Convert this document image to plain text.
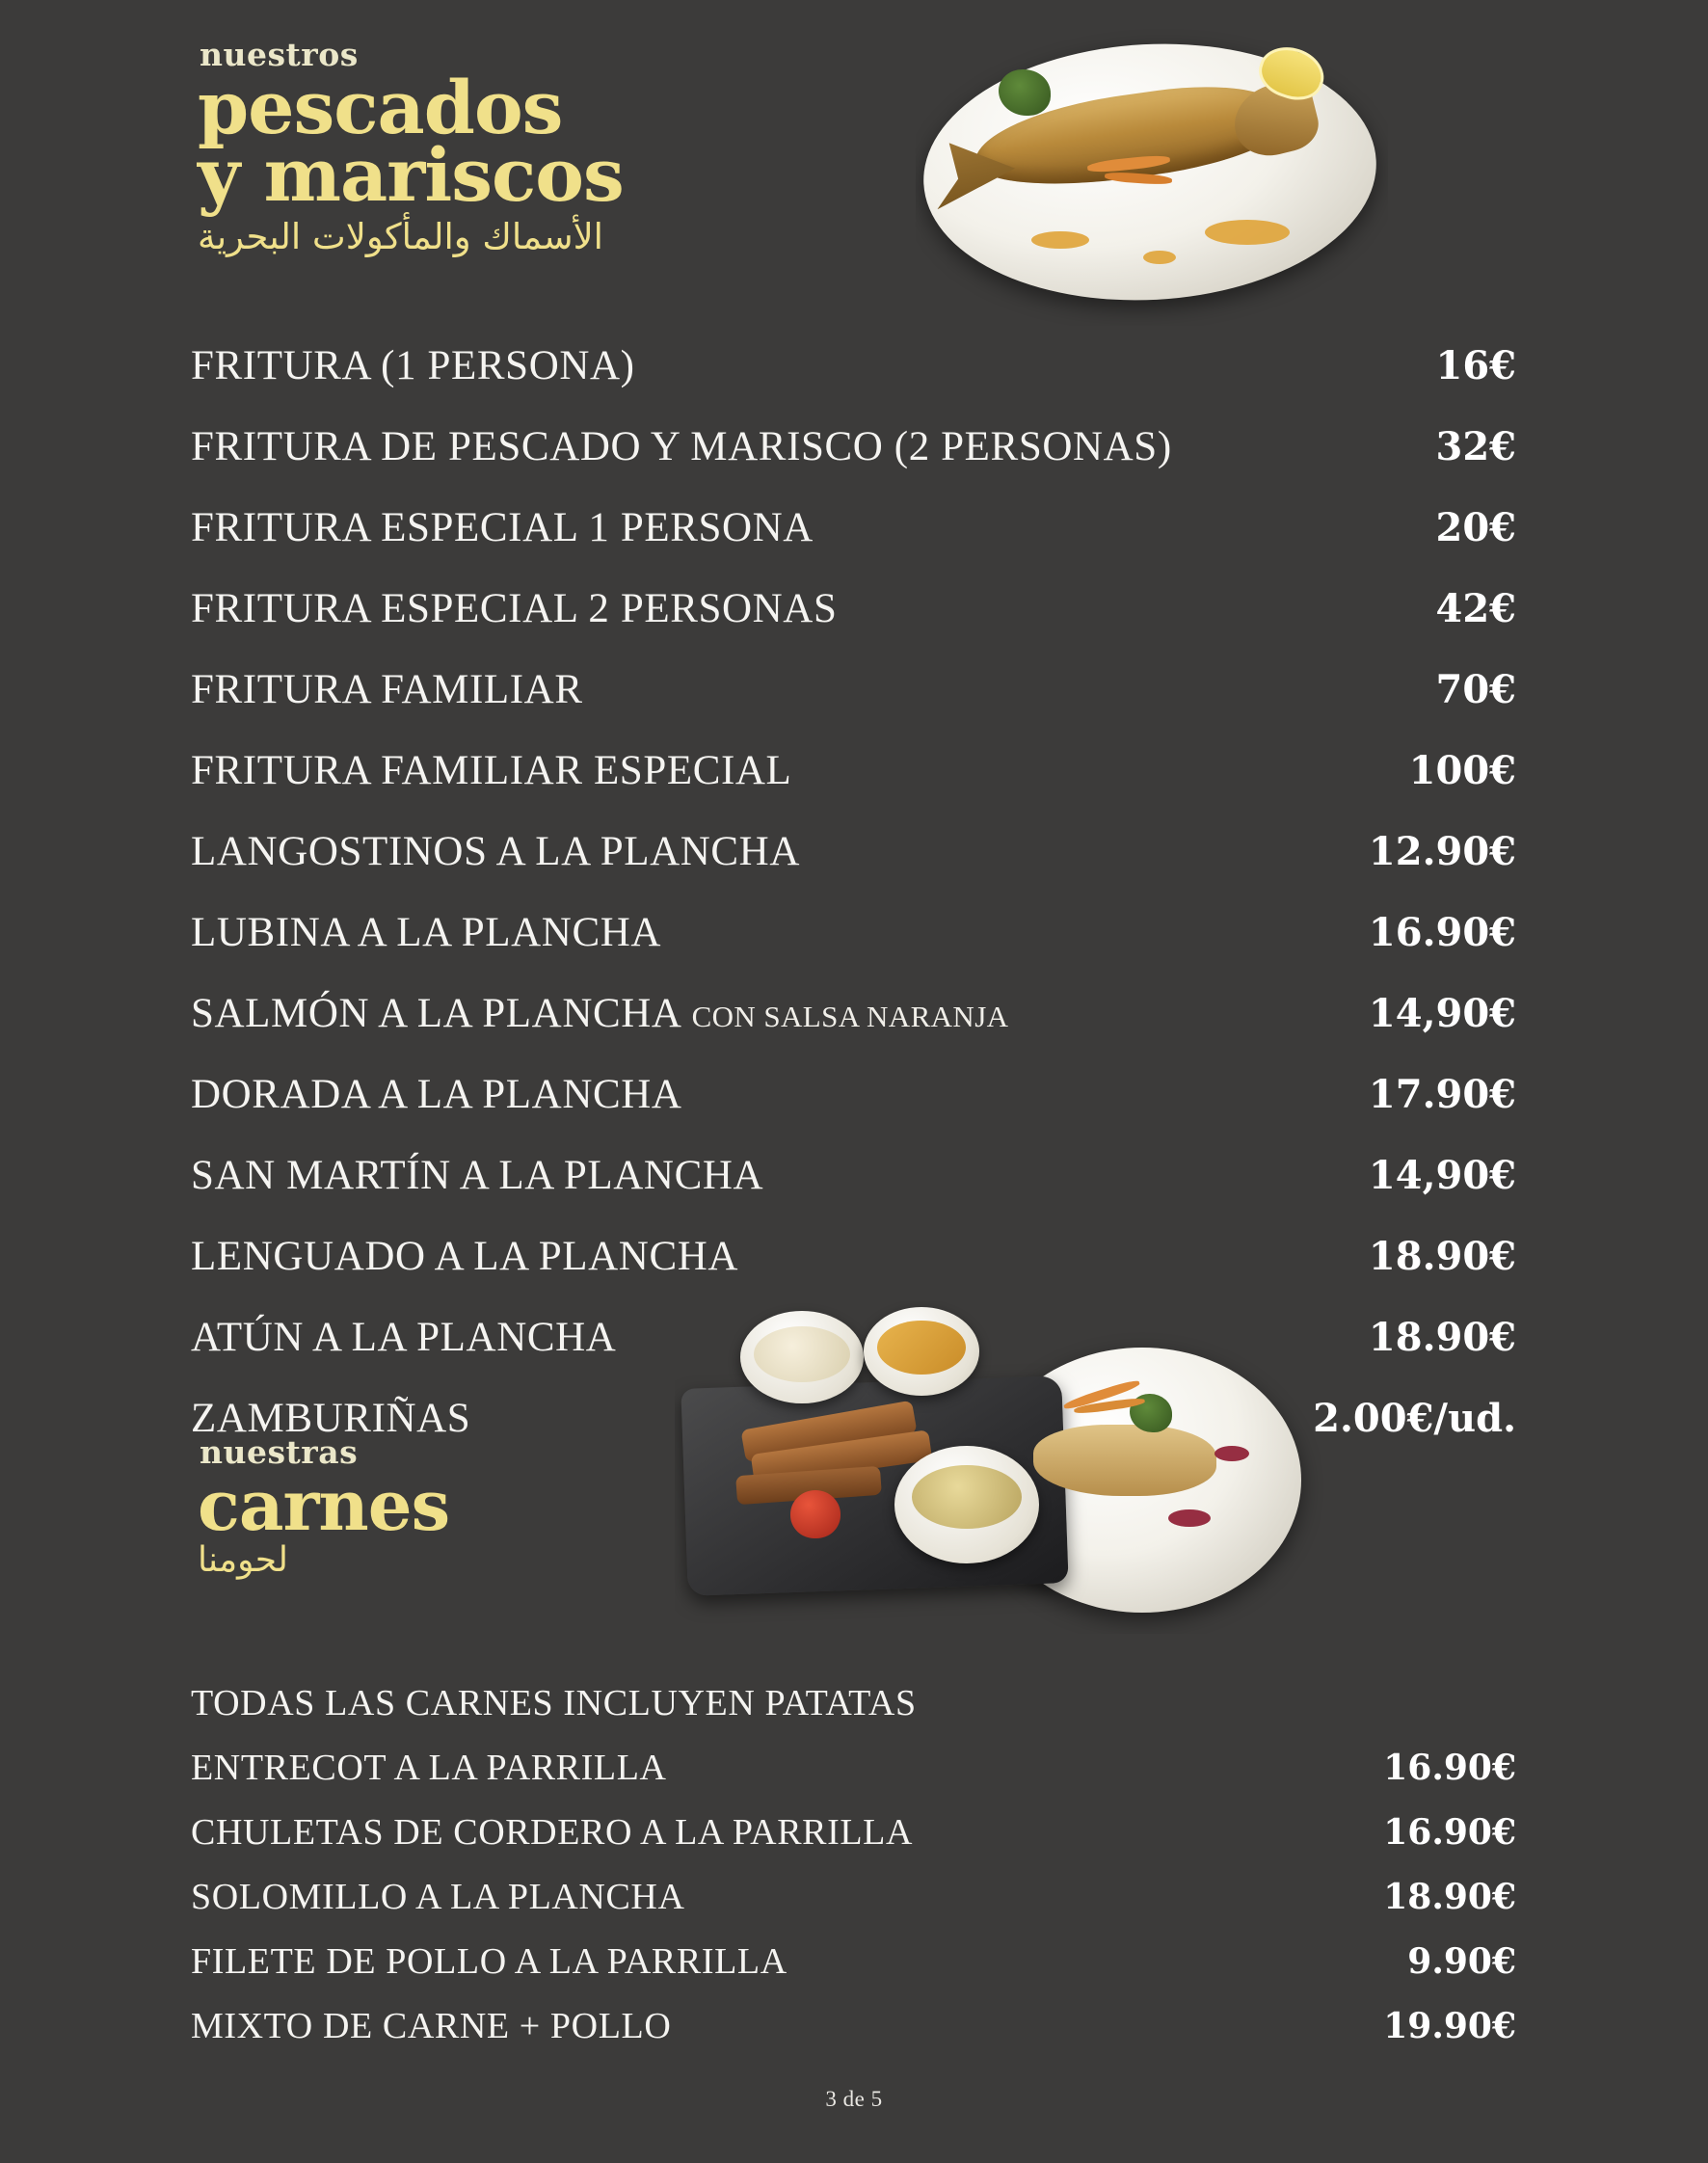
nuestros
pescados
y mariscos
الأسماك والمأكولات البحرية
FRITURA (1 PERSONA)	16€
FRITURA DE PESCADO Y MARISCO (2 PERSONAS)	32€
FRITURA ESPECIAL 1 PERSONA	20€
FRITURA ESPECIAL 2 PERSONAS	42€
FRITURA FAMILIAR	70€
FRITURA FAMILIAR ESPECIAL	100€
LANGOSTINOS A LA PLANCHA	12.90€
LUBINA A LA PLANCHA	16.90€
SALMÓN A LA PLANCHA CON SALSA NARANJA	14,90€
DORADA A LA PLANCHA	17.90€
SAN MARTÍN A LA PLANCHA	14,90€
LENGUADO A LA PLANCHA	18.90€
ATÚN A LA PLANCHA	18.90€
ZAMBURIÑAS	2.00€/ud.
nuestras
carnes
لحومنا
TODAS LAS CARNES INCLUYEN PATATAS
ENTRECOT A LA PARRILLA	16.90€
CHULETAS DE CORDERO A LA PARRILLA	16.90€
SOLOMILLO A LA PLANCHA	18.90€
FILETE DE POLLO A LA PARRILLA	9.90€
MIXTO DE CARNE + POLLO	19.90€
3 de 5
